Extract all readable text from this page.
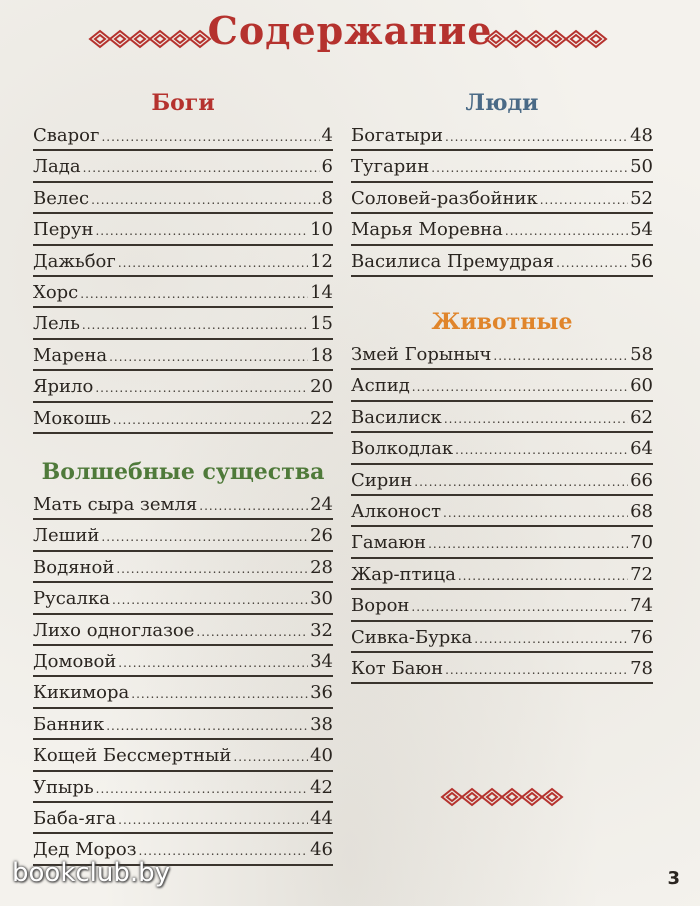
Содержание
Боги
Сварог .....	4
Лада .....	6
Велес .....	8
Перун .....	10
Дажьбог .....	12
Хорс .....	14
Лель .....	15
Марена .....	18
Ярило .....	20
Мокошь .....	22
Волшебные существа
Мать сыра земля .....	24
Леший .....	26
Водяной .....	28
Русалка .....	30
Лихо одноглазое .....	32
Домовой .....	34
Кикимора .....	36
Банник .....	38
Кощей Бессмертный .....	40
Упырь .....	42
Баба-яга .....	44
Дед Мороз .....	46
Люди
Богатыри .....	48
Тугарин .....	50
Соловей-разбойник .....	52
Марья Моревна .....	54
Василиса Премудрая .....	56
Животные
Змей Горыныч .....	58
Аспид .....	60
Василиск .....	62
Волкодлак .....	64
Сирин .....	66
Алконост .....	68
Гамаюн .....	70
Жар-птица .....	72
Ворон .....	74
Сивка-Бурка .....	76
Кот Баюн .....	78
bookclub.by	3
